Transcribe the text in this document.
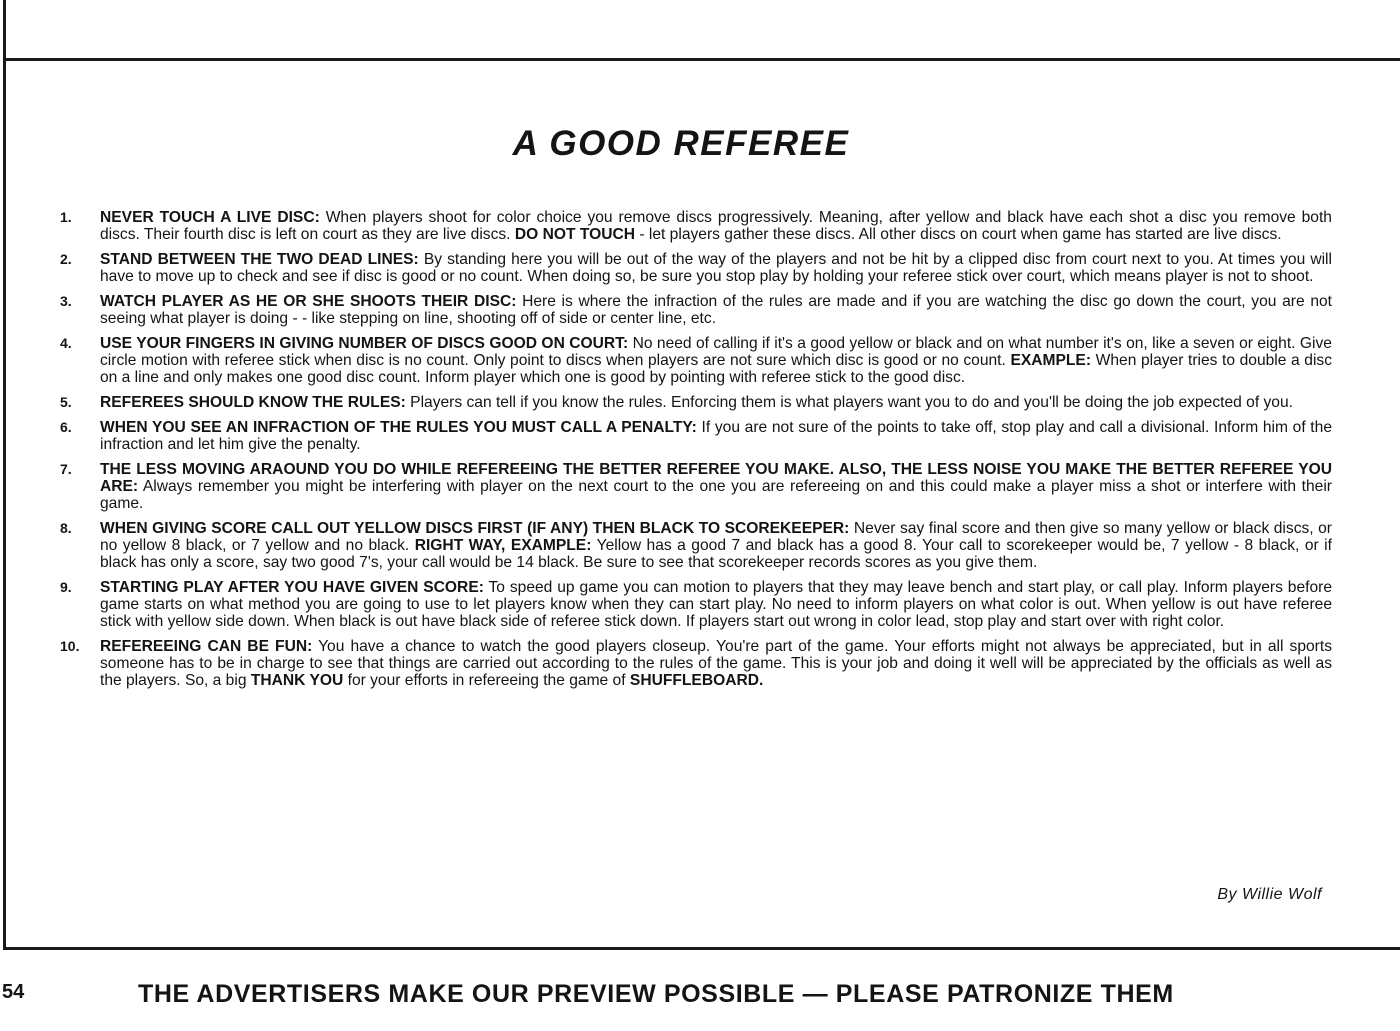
A GOOD REFEREE
1.	NEVER TOUCH A LIVE DISC: When players shoot for color choice you remove discs progressively. Meaning, after yellow and black have each shot a disc you remove both discs. Their fourth disc is left on court as they are live discs. DO NOT TOUCH - let players gather these discs. All other discs on court when game has started are live discs.
2.	STAND BETWEEN THE TWO DEAD LINES: By standing here you will be out of the way of the players and not be hit by a clipped disc from court next to you. At times you will have to move up to check and see if disc is good or no count. When doing so, be sure you stop play by holding your referee stick over court, which means player is not to shoot.
3.	WATCH PLAYER AS HE OR SHE SHOOTS THEIR DISC: Here is where the infraction of the rules are made and if you are watching the disc go down the court, you are not seeing what player is doing - - like stepping on line, shooting off of side or center line, etc.
4.	USE YOUR FINGERS IN GIVING NUMBER OF DISCS GOOD ON COURT: No need of calling if it's a good yellow or black and on what number it's on, like a seven or eight. Give circle motion with referee stick when disc is no count. Only point to discs when players are not sure which disc is good or no count. EXAMPLE: When player tries to double a disc on a line and only makes one good disc count. Inform player which one is good by pointing with referee stick to the good disc.
5.	REFEREES SHOULD KNOW THE RULES: Players can tell if you know the rules. Enforcing them is what players want you to do and you'll be doing the job expected of you.
6.	WHEN YOU SEE AN INFRACTION OF THE RULES YOU MUST CALL A PENALTY: If you are not sure of the points to take off, stop play and call a divisional. Inform him of the infraction and let him give the penalty.
7.	THE LESS MOVING ARAOUND YOU DO WHILE REFEREEING THE BETTER REFEREE YOU MAKE. ALSO, THE LESS NOISE YOU MAKE THE BETTER REFEREE YOU ARE: Always remember you might be interfering with player on the next court to the one you are refereeing on and this could make a player miss a shot or interfere with their game.
8.	WHEN GIVING SCORE CALL OUT YELLOW DISCS FIRST (IF ANY) THEN BLACK TO SCOREKEEPER: Never say final score and then give so many yellow or black discs, or no yellow 8 black, or 7 yellow and no black. RIGHT WAY, EXAMPLE: Yellow has a good 7 and black has a good 8. Your call to scorekeeper would be, 7 yellow - 8 black, or if black has only a score, say two good 7's, your call would be 14 black. Be sure to see that scorekeeper records scores as you give them.
9.	STARTING PLAY AFTER YOU HAVE GIVEN SCORE: To speed up game you can motion to players that they may leave bench and start play, or call play. Inform players before game starts on what method you are going to use to let players know when they can start play. No need to inform players on what color is out. When yellow is out have referee stick with yellow side down. When black is out have black side of referee stick down. If players start out wrong in color lead, stop play and start over with right color.
10.	REFEREEING CAN BE FUN: You have a chance to watch the good players closeup. You're part of the game. Your efforts might not always be appreciated, but in all sports someone has to be in charge to see that things are carried out according to the rules of the game. This is your job and doing it well will be appreciated by the officials as well as the players. So, a big THANK YOU for your efforts in refereeing the game of SHUFFLEBOARD.
By Willie Wolf
54	THE ADVERTISERS MAKE OUR PREVIEW POSSIBLE — PLEASE PATRONIZE THEM
